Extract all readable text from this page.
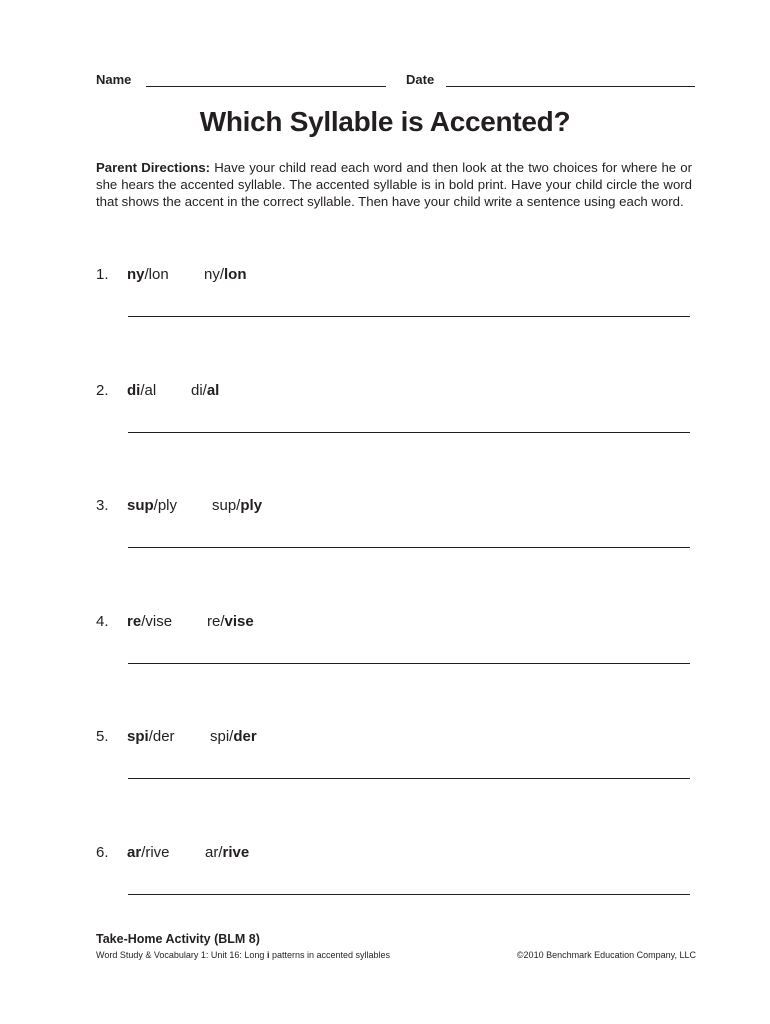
Name	Date
Which Syllable is Accented?

Parent Directions: Have your child read each word and then look at the two choices for where he or she hears the accented syllable. The accented syllable is in bold print. Have your child circle the word that shows the accent in the correct syllable. Then have your child write a sentence using each word.

1. ny/lon ny/lon
2. di/al di/al
3. sup/ply sup/ply
4. re/vise re/vise
5. spi/der spi/der
6. ar/rive ar/rive

Take-Home Activity (BLM 8)

Word Study & Vocabulary 1: Unit 16: Long i patterns in accented syllables	©2010 Benchmark Education Company, LLC
